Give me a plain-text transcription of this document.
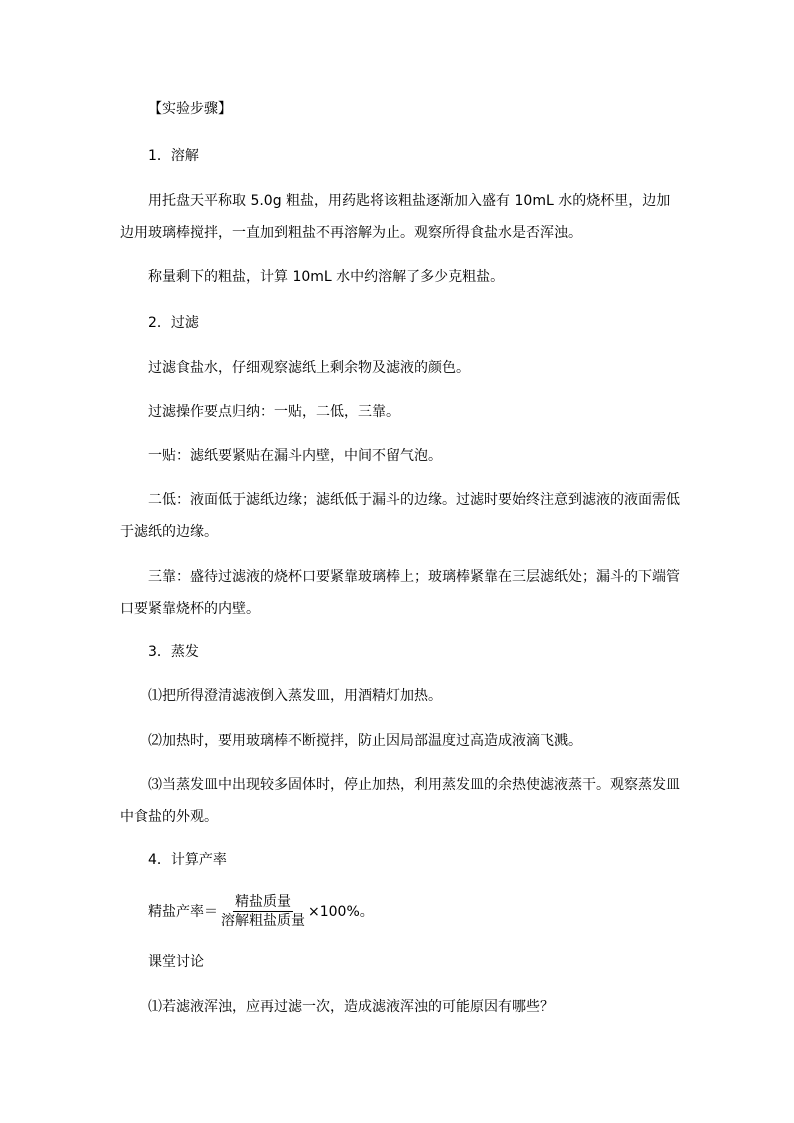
【实验步骤】
1．溶解
用托盘天平称取 5.0g 粗盐，用药匙将该粗盐逐渐加入盛有 10mL 水的烧杯里，边加边用玻璃棒搅拌，一直加到粗盐不再溶解为止。观察所得食盐水是否浑浊。
称量剩下的粗盐，计算 10mL 水中约溶解了多少克粗盐。
2．过滤
过滤食盐水，仔细观察滤纸上剩余物及滤液的颜色。
过滤操作要点归纳：一贴，二低，三靠。
一贴：滤纸要紧贴在漏斗内壁，中间不留气泡。
二低：液面低于滤纸边缘；滤纸低于漏斗的边缘。过滤时要始终注意到滤液的液面需低于滤纸的边缘。
三靠：盛待过滤液的烧杯口要紧靠玻璃棒上；玻璃棒紧靠在三层滤纸处；漏斗的下端管口要紧靠烧杯的内壁。
3．蒸发
⑴把所得澄清滤液倒入蒸发皿，用酒精灯加热。
⑵加热时，要用玻璃棒不断搅拌，防止因局部温度过高造成液滴飞溅。
⑶当蒸发皿中出现较多固体时，停止加热，利用蒸发皿的余热使滤液蒸干。观察蒸发皿中食盐的外观。
4．计算产率
精盐产率＝ $\frac{\text{精盐质量}}{\text{溶解粗盐质量}} \times 100\%$。
课堂讨论
⑴若滤液浑浊，应再过滤一次，造成滤液浑浊的可能原因有哪些？
